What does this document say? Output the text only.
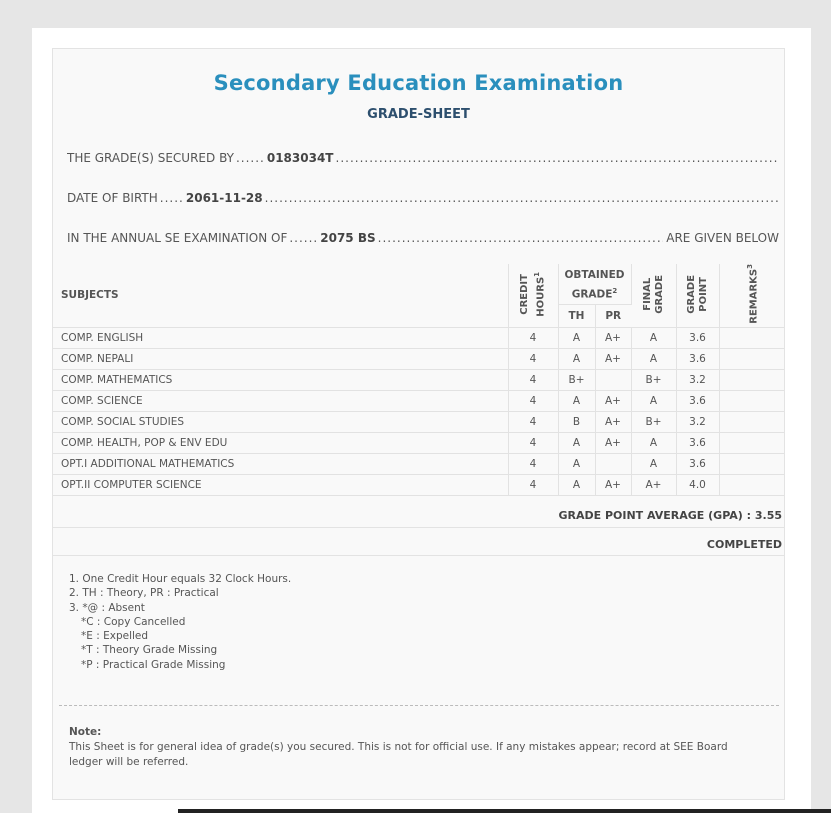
Secondary Education Examination
GRADE-SHEET
THE GRADE(S) SECURED BY ...... 0183034T
.....
DATE OF BIRTH ..... 2061-11-28
.....
IN THE ANNUAL SE EXAMINATION OF ...... 2075 BS .....	ARE GIVEN BELOW
SUBJECTS	CREDIT HOURS$^1$	OBTAINED GRADE$^2$		FINAL GRADE	GRADE POINT	REMARKS$^3$
		TH	PR			
COMP. ENGLISH	4	A	A+	A	3.6	
COMP. NEPALI	4	A	A+	A	3.6	
COMP. MATHEMATICS	4	B+		B+	3.2	
COMP. SCIENCE	4	A	A+	A	3.6	
COMP. SOCIAL STUDIES	4	B	A+	B+	3.2	
COMP. HEALTH, POP & ENV EDU	4	A	A+	A	3.6	
OPT.I ADDITIONAL MATHEMATICS	4	A		A	3.6	
OPT.II COMPUTER SCIENCE	4	A	A+	A+	4.0	
GRADE POINT AVERAGE (GPA) : 3.55
COMPLETED
1. One Credit Hour equals 32 Clock Hours.
2. TH : Theory, PR : Practical
3. *@ : Absent
*C : Copy Cancelled
*E : Expelled
*T : Theory Grade Missing
*P : Practical Grade Missing
Note:
This Sheet is for general idea of grade(s) you secured. This is not for official use. If any mistakes appear; record at SEE Board ledger will be referred.
